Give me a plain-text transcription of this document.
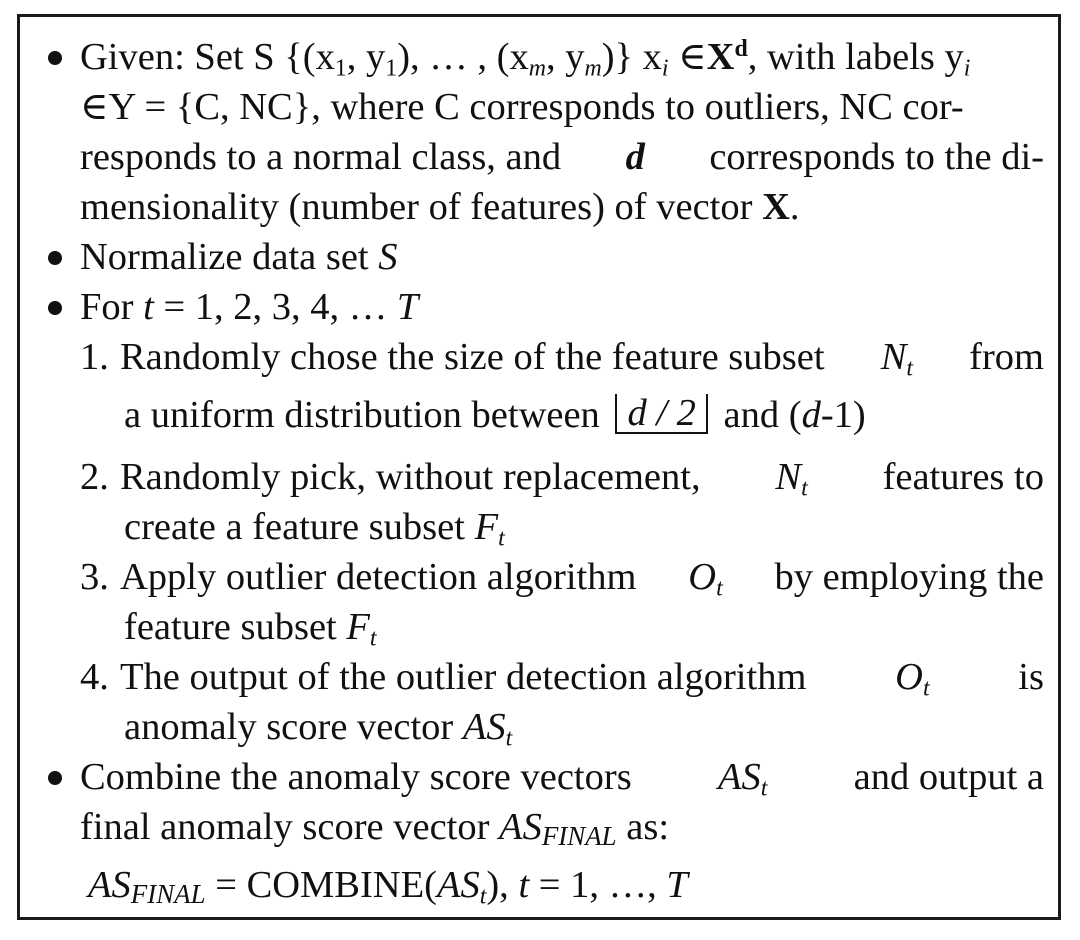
Given: Set S {($x_1$, $y_1$), … , ($x_m$, $y_m$)} $x_i$ $\in X^d$, with labels $y_i$
∈Y = {C, NC}, where C corresponds to outliers, NC cor-
responds to a normal class, and d corresponds to the di-
mensionality (number of features) of vector X.
Normalize data set S
For t = 1, 2, 3, 4, … T
1. Randomly chose the size of the feature subset $N_t$ from
a uniform distribution between d / 2 and (d-1)
2. Randomly pick, without replacement, $N_t$ features to
create a feature subset $F_t$
3. Apply outlier detection algorithm $O_t$ by employing the
feature subset $F_t$
4. The output of the outlier detection algorithm $O_t$ is
anomaly score vector $AS_t$
Combine the anomaly score vectors $AS_t$ and output a
final anomaly score vector ASFINAL as:
ASFINAL = $COMBINE(AS_t)$, t = 1, …, T
